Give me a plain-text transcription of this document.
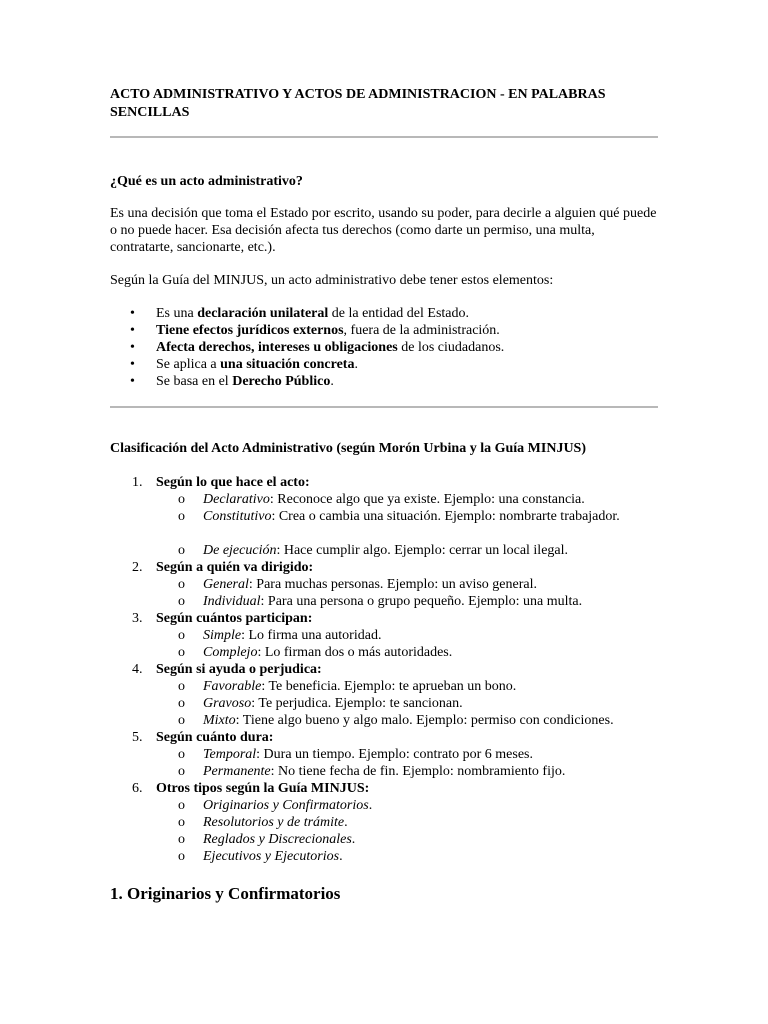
ACTO ADMINISTRATIVO Y ACTOS DE ADMINISTRACION - EN PALABRAS SENCILLAS

¿Qué es un acto administrativo?

Es una decisión que toma el Estado por escrito, usando su poder, para decirle a alguien qué puede o no puede hacer. Esa decisión afecta tus derechos (como darte un permiso, una multa, contratarte, sancionarte, etc.).

Según la Guía del MINJUS, un acto administrativo debe tener estos elementos:

• Es una declaración unilateral de la entidad del Estado.
• Tiene efectos jurídicos externos, fuera de la administración.
• Afecta derechos, intereses u obligaciones de los ciudadanos.
• Se aplica a una situación concreta.
• Se basa en el Derecho Público.

Clasificación del Acto Administrativo (según Morón Urbina y la Guía MINJUS)

1. Según lo que hace el acto:
o Declarativo: Reconoce algo que ya existe. Ejemplo: una constancia.
o Constitutivo: Crea o cambia una situación. Ejemplo: nombrarte trabajador.
o De ejecución: Hace cumplir algo. Ejemplo: cerrar un local ilegal.
2. Según a quién va dirigido:
o General: Para muchas personas. Ejemplo: un aviso general.
o Individual: Para una persona o grupo pequeño. Ejemplo: una multa.
3. Según cuántos participan:
o Simple: Lo firma una autoridad.
o Complejo: Lo firman dos o más autoridades.
4. Según si ayuda o perjudica:
o Favorable: Te beneficia. Ejemplo: te aprueban un bono.
o Gravoso: Te perjudica. Ejemplo: te sancionan.
o Mixto: Tiene algo bueno y algo malo. Ejemplo: permiso con condiciones.
5. Según cuánto dura:
o Temporal: Dura un tiempo. Ejemplo: contrato por 6 meses.
o Permanente: No tiene fecha de fin. Ejemplo: nombramiento fijo.
6. Otros tipos según la Guía MINJUS:
o Originarios y Confirmatorios.
o Resolutorios y de trámite.
o Reglados y Discrecionales.
o Ejecutivos y Ejecutorios.
1. Originarios y Confirmatorios
